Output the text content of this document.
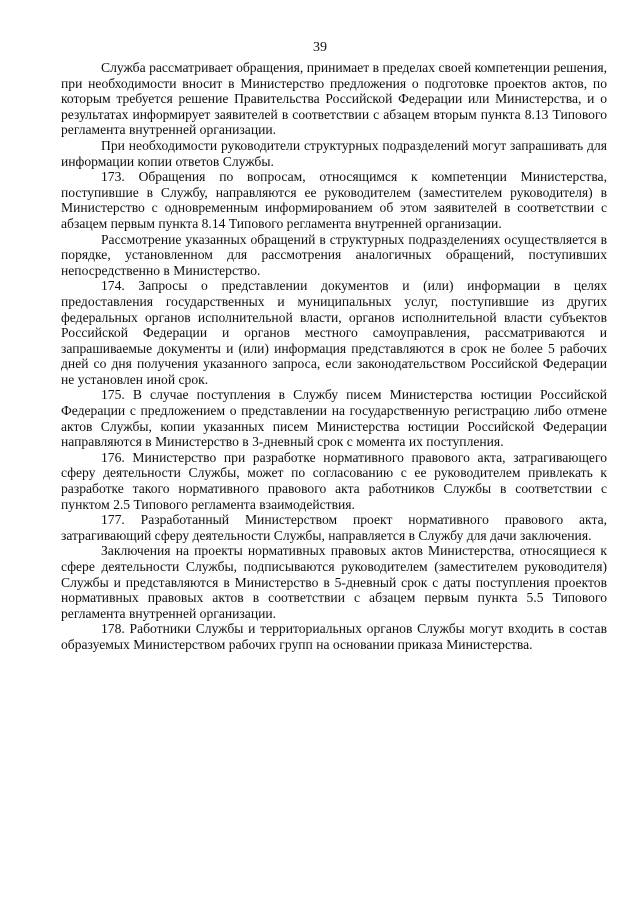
39

Служба рассматривает обращения, принимает в пределах своей компетенции решения, при необходимости вносит в Министерство предложения о подготовке проектов актов, по которым требуется решение Правительства Российской Федерации или Министерства, и о результатах информирует заявителей в соответствии с абзацем вторым пункта 8.13 Типового регламента внутренней организации.

При необходимости руководители структурных подразделений могут запрашивать для информации копии ответов Службы.

173. Обращения по вопросам, относящимся к компетенции Министерства, поступившие в Службу, направляются ее руководителем (заместителем руководителя) в Министерство с одновременным информированием об этом заявителей в соответствии с абзацем первым пункта 8.14 Типового регламента внутренней организации.

Рассмотрение указанных обращений в структурных подразделениях осуществляется в порядке, установленном для рассмотрения аналогичных обращений, поступивших непосредственно в Министерство.

174. Запросы о представлении документов и (или) информации в целях предоставления государственных и муниципальных услуг, поступившие из других федеральных органов исполнительной власти, органов исполнительной власти субъектов Российской Федерации и органов местного самоуправления, рассматриваются и запрашиваемые документы и (или) информация представляются в срок не более 5 рабочих дней со дня получения указанного запроса, если законодательством Российской Федерации не установлен иной срок.

175. В случае поступления в Службу писем Министерства юстиции Российской Федерации с предложением о представлении на государственную регистрацию либо отмене актов Службы, копии указанных писем Министерства юстиции Российской Федерации направляются в Министерство в 3-дневный срок с момента их поступления.

176. Министерство при разработке нормативного правового акта, затрагивающего сферу деятельности Службы, может по согласованию с ее руководителем привлекать к разработке такого нормативного правового акта работников Службы в соответствии с пунктом 2.5 Типового регламента взаимодействия.

177. Разработанный Министерством проект нормативного правового акта, затрагивающий сферу деятельности Службы, направляется в Службу для дачи заключения.

Заключения на проекты нормативных правовых актов Министерства, относящиеся к сфере деятельности Службы, подписываются руководителем (заместителем руководителя) Службы и представляются в Министерство в 5-дневный срок с даты поступления проектов нормативных правовых актов в соответствии с абзацем первым пункта 5.5 Типового регламента внутренней организации.

178. Работники Службы и территориальных органов Службы могут входить в состав образуемых Министерством рабочих групп на основании приказа Министерства.
